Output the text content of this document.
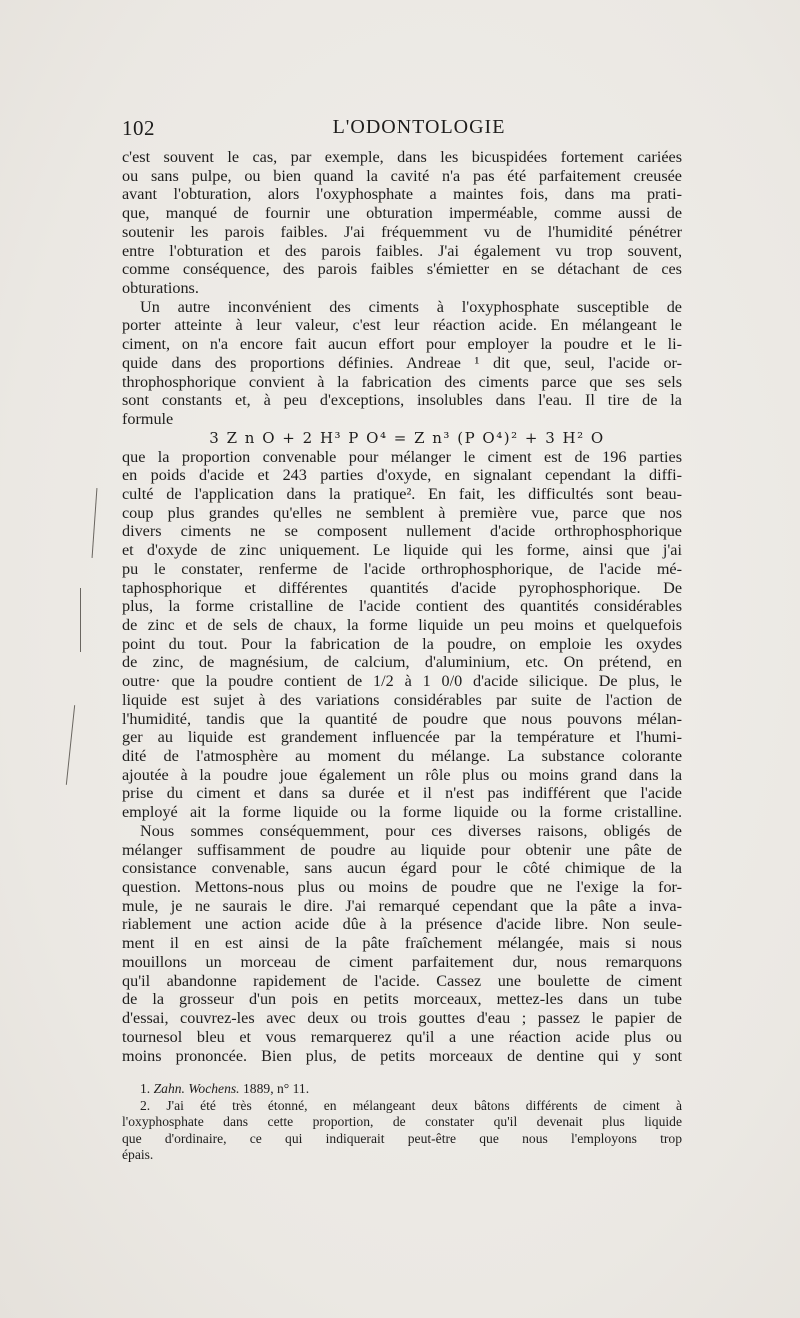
102	L'ODONTOLOGIE
c'est souvent le cas, par exemple, dans les bicuspidées fortement cariées
ou sans pulpe, ou bien quand la cavité n'a pas été parfaitement creusée
avant l'obturation, alors l'oxyphosphate a maintes fois, dans ma prati-
que, manqué de fournir une obturation imperméable, comme aussi de
soutenir les parois faibles. J'ai fréquemment vu de l'humidité pénétrer
entre l'obturation et des parois faibles. J'ai également vu trop souvent,
comme conséquence, des parois faibles s'émietter en se détachant de ces
obturations.
Un autre inconvénient des ciments à l'oxyphosphate susceptible de
porter atteinte à leur valeur, c'est leur réaction acide. En mélangeant le
ciment, on n'a encore fait aucun effort pour employer la poudre et le li-
quide dans des proportions définies. Andreae ¹ dit que, seul, l'acide or-
throphosphorique convient à la fabrication des ciments parce que ses sels
sont constants et, à peu d'exceptions, insolubles dans l'eau. Il tire de la
formule
3 Z n O + 2 H³ P O⁴ = Z n³ (P O⁴)² + 3 H² O
que la proportion convenable pour mélanger le ciment est de 196 parties
en poids d'acide et 243 parties d'oxyde, en signalant cependant la diffi-
culté de l'application dans la pratique². En fait, les difficultés sont beau-
coup plus grandes qu'elles ne semblent à première vue, parce que nos
divers ciments ne se composent nullement d'acide orthrophosphorique
et d'oxyde de zinc uniquement. Le liquide qui les forme, ainsi que j'ai
pu le constater, renferme de l'acide orthrophosphorique, de l'acide mé-
taphosphorique et différentes quantités d'acide pyrophosphorique. De
plus, la forme cristalline de l'acide contient des quantités considérables
de zinc et de sels de chaux, la forme liquide un peu moins et quelquefois
point du tout. Pour la fabrication de la poudre, on emploie les oxydes
de zinc, de magnésium, de calcium, d'aluminium, etc. On prétend, en
outre· que la poudre contient de 1/2 à 1 0/0 d'acide silicique. De plus, le
liquide est sujet à des variations considérables par suite de l'action de
l'humidité, tandis que la quantité de poudre que nous pouvons mélan-
ger au liquide est grandement influencée par la température et l'humi-
dité de l'atmosphère au moment du mélange. La substance colorante
ajoutée à la poudre joue également un rôle plus ou moins grand dans la
prise du ciment et dans sa durée et il n'est pas indifférent que l'acide
employé ait la forme liquide ou la forme liquide ou la forme cristalline.
Nous sommes conséquemment, pour ces diverses raisons, obligés de
mélanger suffisamment de poudre au liquide pour obtenir une pâte de
consistance convenable, sans aucun égard pour le côté chimique de la
question. Mettons-nous plus ou moins de poudre que ne l'exige la for-
mule, je ne saurais le dire. J'ai remarqué cependant que la pâte a inva-
riablement une action acide dûe à la présence d'acide libre. Non seule-
ment il en est ainsi de la pâte fraîchement mélangée, mais si nous
mouillons un morceau de ciment parfaitement dur, nous remarquons
qu'il abandonne rapidement de l'acide. Cassez une boulette de ciment
de la grosseur d'un pois en petits morceaux, mettez-les dans un tube
d'essai, couvrez-les avec deux ou trois gouttes d'eau ; passez le papier de
tournesol bleu et vous remarquerez qu'il a une réaction acide plus ou
moins prononcée. Bien plus, de petits morceaux de dentine qui y sont
1. Zahn. Wochens. 1889, n° 11.
2. J'ai été très étonné, en mélangeant deux bâtons différents de ciment à
l'oxyphosphate dans cette proportion, de constater qu'il devenait plus liquide
que d'ordinaire, ce qui indiquerait peut-être que nous l'employons trop
épais.
